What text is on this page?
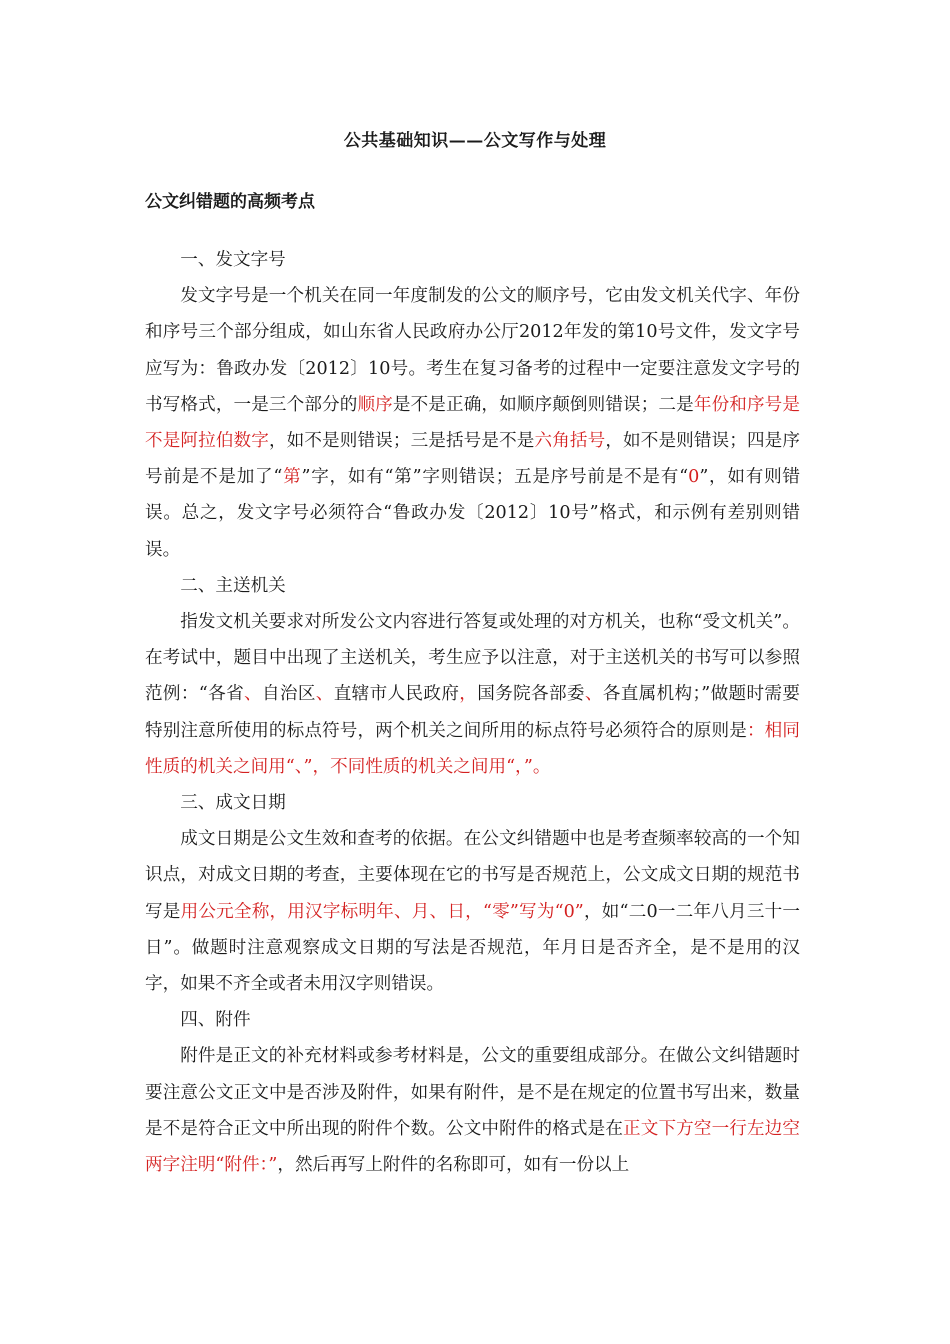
公共基础知识——公文写作与处理
公文纠错题的高频考点

一、发文字号

发文字号是一个机关在同一年度制发的公文的顺序号，它由发文机关代字、年份和序号三个部分组成，如山东省人民政府办公厅2012年发的第10号文件，发文字号应写为：鲁政办发〔2012〕10号。考生在复习备考的过程中一定要注意发文字号的书写格式，一是三个部分的顺序是不是正确，如顺序颠倒则错误；二是年份和序号是不是阿拉伯数字，如不是则错误；三是括号是不是六角括号，如不是则错误；四是序号前是不是加了“第”字，如有“第”字则错误；五是序号前是不是有“0”，如有则错误。总之，发文字号必须符合“鲁政办发〔2012〕10号”格式，和示例有差别则错误。

二、主送机关

指发文机关要求对所发公文内容进行答复或处理的对方机关，也称“受文机关”。在考试中，题目中出现了主送机关，考生应予以注意，对于主送机关的书写可以参照范例：“各省、自治区、直辖市人民政府，国务院各部委、各直属机构；”做题时需要特别注意所使用的标点符号，两个机关之间所用的标点符号必须符合的原则是：相同性质的机关之间用“、”，不同性质的机关之间用“，”。

三、成文日期

成文日期是公文生效和查考的依据。在公文纠错题中也是考查频率较高的一个知识点，对成文日期的考查，主要体现在它的书写是否规范上，公文成文日期的规范书写是用公元全称，用汉字标明年、月、日，“零”写为“0”，如“二0一二年八月三十一日”。做题时注意观察成文日期的写法是否规范，年月日是否齐全，是不是用的汉字，如果不齐全或者未用汉字则错误。

四、附件

附件是正文的补充材料或参考材料是，公文的重要组成部分。在做公文纠错题时要注意公文正文中是否涉及附件，如果有附件，是不是在规定的位置书写出来，数量是不是符合正文中所出现的附件个数。公文中附件的格式是在正文下方空一行左边空两字注明“附件：”，然后再写上附件的名称即可，如有一份以上
